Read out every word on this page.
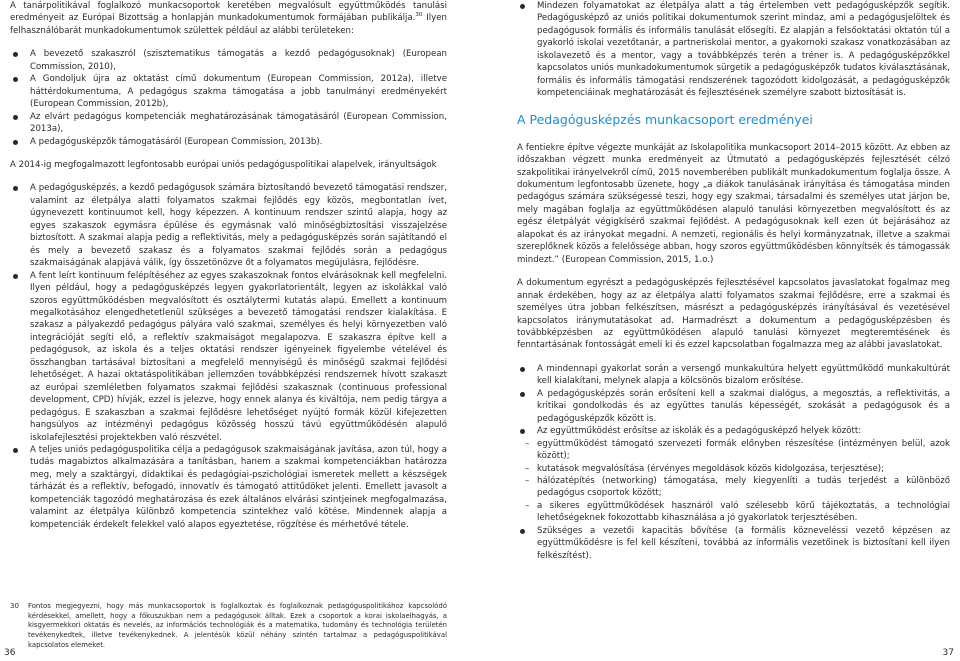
A tanárpolitikával foglalkozó munkacsoportok keretében megvalósult együttműködés tanulási eredményeit az Európai Bizottság a honlapján munkadokumentumok formájában publikálja.$^{30}$ Ilyen felhasználóbarát munkadokumentumok születtek például az alábbi területeken:

A bevezető szakaszról (szisztematikus támogatás a kezdő pedagógusoknak) (European Commission, 2010),
A Gondoljuk újra az oktatást című dokumentum (European Commission, 2012a), illetve háttérdokumentuma, A pedagógus szakma támogatása a jobb tanulmányi eredményekért (European Commission, 2012b),
Az elvárt pedagógus kompetenciák meghatározásának támogatásáról (European Commission, 2013a),
A pedagógusképzők támogatásáról (European Commission, 2013b).

A 2014-ig megfogalmazott legfontosabb európai uniós pedagóguspolitikai alapelvek, irányultságok

A pedagógusképzés, a kezdő pedagógusok számára biztosítandó bevezető támogatási rendszer, valamint az életpálya alatti folyamatos szakmai fejlődés egy közös, megbontatlan ívet, úgynevezett kontinuumot kell, hogy képezzen. A kontinuum rendszer szintű alapja, hogy az egyes szakaszok egymásra épülése és egymásnak való minőségbiztosítási visszajelzése biztosított. A szakmai alapja pedig a reflektivitás, mely a pedagógusképzés során sajátítandó el és mely a bevezető szakasz és a folyamatos szakmai fejlődés során a pedagógus szakmaiságának alapjává válik, így összetönözve őt a folyamatos megújulásra, fejlődésre.
A fent leírt kontinuum felépítéséhez az egyes szakaszoknak fontos elvárásoknak kell megfelelni. Ilyen például, hogy a pedagógusképzés legyen gyakorlatorientált, legyen az iskolákkal való szoros együttműködésben megvalósított és osztálytermi kutatás alapú. Emellett a kontinuum megalkotásához elengedhetetlenül szükséges a bevezető támogatási rendszer kialakítása. E szakasz a pályakezdő pedagógus pályára való szakmai, személyes és helyi környezetben való integrációját segíti elő, a reflektív szakmaiságot megalapozva. E szakaszra építve kell a pedagógusok, az iskola és a teljes oktatási rendszer igényeinek figyelembe vételével és összhangban tartásával biztosítani a megfelelő mennyiségű és minőségű szakmai fejlődési lehetőséget. A hazai oktatáspolitikában jellemzően továbbképzési rendszernek hívott szakaszt az európai szemléletben folyamatos szakmai fejlődési szakasznak (continuous professional development, CPD) hívják, ezzel is jelezve, hogy ennek alanya és kiváltója, nem pedig tárgya a pedagógus. E szakaszban a szakmai fejlődésre lehetőséget nyújtó formák közül kifejezetten hangsúlyos az intézményi pedagógus közösség hosszú távú együttműködésén alapuló iskolafejlesztési projektekben való részvétel.
A teljes uniós pedagóguspolitika célja a pedagógusok szakmaiságának javítása, azon túl, hogy a tudás magabiztos alkalmazására a tanításban, hanem a szakmai kompetenciákban határozza meg, mely a szaktárgyi, didaktikai és pedagógiai-pszichológiai ismeretek mellett a készségek tárházát és a reflektív, befogadó, innovatív és támogató attitűdöket jelenti. Emellett javasolt a kompetenciák tagozódó meghatározása és ezek általános elvárási szintjeinek megfogalmazása, valamint az életpálya különbző kompetencia szintekhez való kötése. Mindennek alapja a kompetenciák érdekelt felekkel való alapos egyeztetése, rögzítése és mérhetővé tétele.
30	Fontos megjegyezni, hogy más munkacsoportok is foglalkoztak és foglalkoznak pedagóguspolitikához kapcsolódó kérdésekkel, amellett, hogy a főkuszukban nem a pedagógusok álltak. Ezek a csoportok a korai iskolaelhagyás, a kisgyermekkori oktatás és nevelés, az információs technológiák és a matematika, tudomány és technológia területén tevékenykedtek, illetve tevékenykednek. A jelentésük közül néhány szintén tartalmaz a pedagóguspolitikával kapcsolatos elemeket.
Mindezen folyamatokat az életpálya alatt a tág értelemben vett pedagógusképzők segítik. Pedagógusképző az uniós politikai dokumentumok szerint mindaz, ami a pedagógusjelöltek és pedagógusok formális és informális tanulását elősegíti. Ez alapján a felsőoktatási oktatón túl a gyakorló iskolai vezetőtanár, a partneriskolai mentor, a gyakornoki szakasz vonatkozásában az iskolavezető és a mentor, vagy a továbbképzés terén a tréner is. A pedagógusképzőkkel kapcsolatos uniós munkadokumentumok sürgetik a pedagógusképzők tudatos kiválasztásának, formális és informális támogatási rendszerének tagozódott kidolgozását, a pedagógusképzők kompetenciáinak meghatározását és fejlesztésének személyre szabott biztosítását is.
A Pedagógusképzés munkacsoport eredményei

A fentiekre építve végezte munkáját az Iskolapolitika munkacsoport 2014–2015 között. Az ebben az időszakban végzett munka eredményeit az Útmutató a pedagógusképzés fejlesztését célzó szakpolitikai irányelvekről című, 2015 novemberében publikált munkadokumentum foglalja össze. A dokumentum legfontosabb üzenete, hogy „a diákok tanulásának irányítása és támogatása minden pedagógus számára szükségessé teszi, hogy egy szakmai, társadalmi és személyes utat járjon be, mely magában foglalja az együttműködésen alapuló tanulási környezetben megvalósított és az egész életpályát végigkísérő szakmai fejlődést. A pedagógusoknak kell ezen út bejárásához az alapokat és az irányokat megadni. A nemzeti, regionális és helyi kormányzatnak, illetve a szakmai szereplőknek közös a felelőssége abban, hogy szoros együttműködésben könnyítsék és támogassák mindezt.” (European Commission, 2015, 1.o.)

A dokumentum egyrészt a pedagógusképzés fejlesztésével kapcsolatos javaslatokat fogalmaz meg annak érdekében, hogy az az életpálya alatti folyamatos szakmai fejlődésre, erre a szakmai és személyes útra jobban felkészítsen, másrészt a pedagógusképzés irányításával és vezetésével kapcsolatos iránymutatásokat ad. Harmadrészt a dokumentum a pedagógusképzésben és továbbképzésben az együttműködésen alapuló tanulási környezet megteremtésének és fenntartásának fontosságát emeli ki és ezzel kapcsolatban fogalmazza meg az alábbi javaslatokat.

A mindennapi gyakorlat során a versengő munkakultúra helyett együttműködő munkakultúrát kell kialakítani, melynek alapja a kölcsönös bizalom erősítése.
A pedagógusképzés során erősíteni kell a szakmai dialógus, a megosztás, a reflektivitás, a kritikai gondolkodás és az együttes tanulás képességét, szokását a pedagógusok és a pedagógusképzők között is.
Az együttműködést erősítse az iskolák és a pedagógusképző helyek között:
– együttműködést támogató szervezeti formák előnyben részesítése (intézményen belül, azok között);
– kutatások megvalósítása (érvényes megoldások közös kidolgozása, terjesztése);
– hálózatépítés (networking) támogatása, mely kiegyenlíti a tudás terjedést a különböző pedagógus csoportok között;
– a sikeres együttműködések hasznáról való szélesebb körű tájékoztatás, a technológiai lehetőségeknek fokozottabb kihasználása a jó gyakorlatok terjesztésében.
Szükséges a vezetői kapacitás bővítése (a formális közneveléssi vezető képzésen az együttműködésre is fel kell készíteni, továbbá az informális vezetőinek is biztosítani kell ilyen felkészítést).
36	37
